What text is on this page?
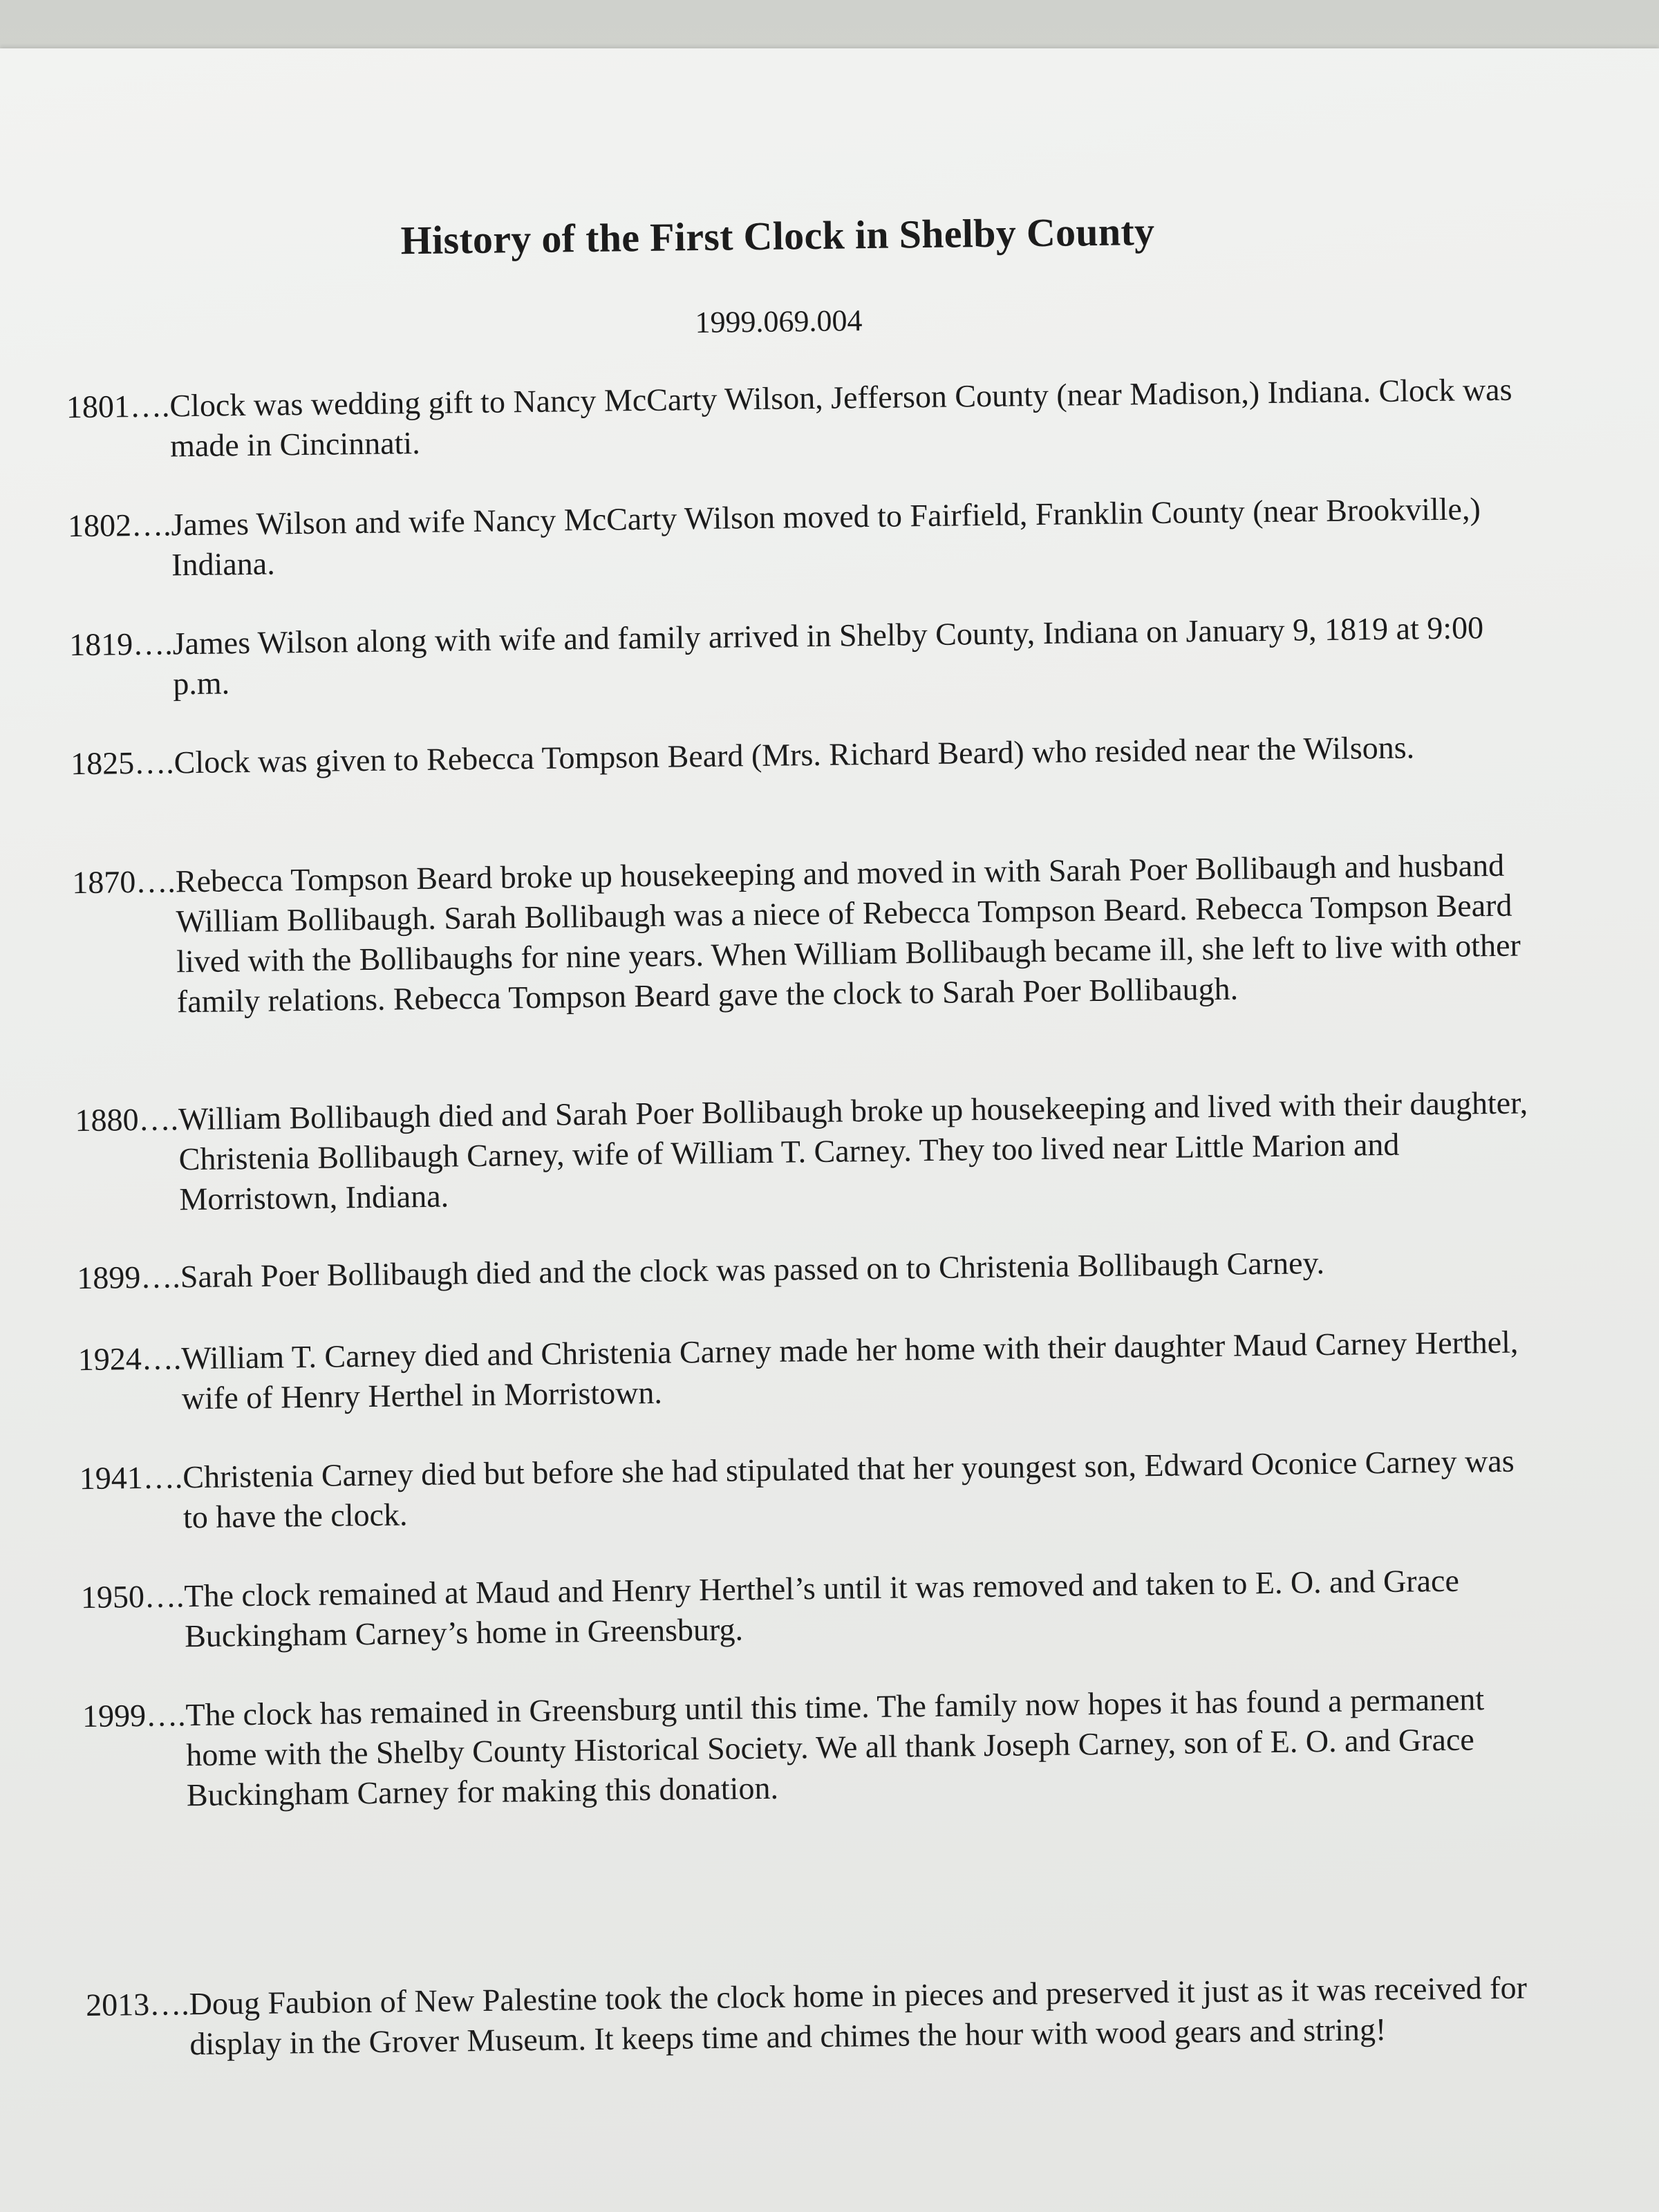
History of the First Clock in Shelby County
1999.069.004
1801 …. Clock was wedding gift to Nancy McCarty Wilson, Jefferson County (near Madison,) Indiana. Clock was made in Cincinnati.
1802 …. James Wilson and wife Nancy McCarty Wilson moved to Fairfield, Franklin County (near Brookville,) Indiana.
1819 …. James Wilson along with wife and family arrived in Shelby County, Indiana on January 9, 1819 at 9:00 p.m.
1825 …. Clock was given to Rebecca Tompson Beard (Mrs. Richard Beard) who resided near the Wilsons.
1870 …. Rebecca Tompson Beard broke up housekeeping and moved in with Sarah Poer Bollibaugh and husband William Bollibaugh. Sarah Bollibaugh was a niece of Rebecca Tompson Beard. Rebecca Tompson Beard lived with the Bollibaughs for nine years. When William Bollibaugh became ill, she left to live with other family relations. Rebecca Tompson Beard gave the clock to Sarah Poer Bollibaugh.
1880 …. William Bollibaugh died and Sarah Poer Bollibaugh broke up housekeeping and lived with their daughter, Christenia Bollibaugh Carney, wife of William T. Carney. They too lived near Little Marion and Morristown, Indiana.
1899 …. Sarah Poer Bollibaugh died and the clock was passed on to Christenia Bollibaugh Carney.
1924 …. William T. Carney died and Christenia Carney made her home with their daughter Maud Carney Herthel, wife of Henry Herthel in Morristown.
1941 …. Christenia Carney died but before she had stipulated that her youngest son, Edward Oconice Carney was to have the clock.
1950 …. The clock remained at Maud and Henry Herthel’s until it was removed and taken to E. O. and Grace Buckingham Carney’s home in Greensburg.
1999 …. The clock has remained in Greensburg until this time. The family now hopes it has found a permanent home with the Shelby County Historical Society. We all thank Joseph Carney, son of E. O. and Grace Buckingham Carney for making this donation.
2013 …. Doug Faubion of New Palestine took the clock home in pieces and preserved it just as it was received for display in the Grover Museum. It keeps time and chimes the hour with wood gears and string!
